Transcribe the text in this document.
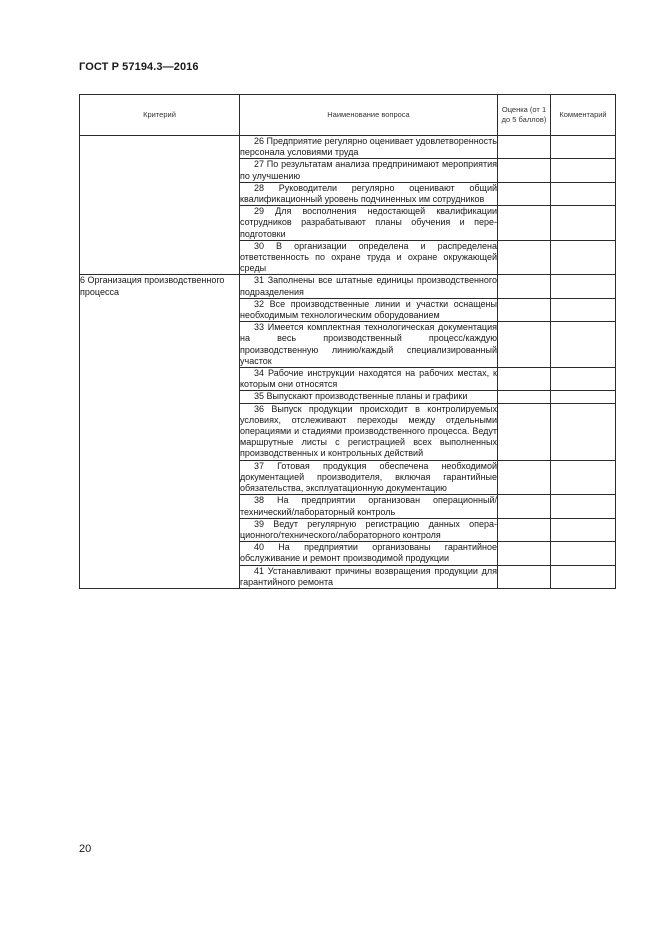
ГОСТ Р 57194.3—2016
Критерий	Наименование вопроса	Оценка (от 1 до 5 баллов)	Комментарий
	26 Предприятие регулярно оценивает удовлетворенность персонала условиями труда		
	27 По результатам анализа предпринимают мероприятия по улучшению		
	28 Руководители регулярно оценивают общий квалификационный уровень подчиненных им сотрудников		
	29 Для восполнения недостающей квалификации сотрудников разрабатывают планы обучения и переподготовки		
	30 В организации определена и распределена ответственность по охране труда и охране окружающей среды		
6 Организация производственного процесса	31 Заполнены все штатные единицы производственного подразделения		
	32 Все производственные линии и участки оснащены необходимым технологическим оборудованием		
	33 Имеется комплектная технологическая документация на весь производственный процесс/каждую производственную линию/каждый специализированный участок		
	34 Рабочие инструкции находятся на рабочих местах, к которым они относятся		
	35 Выпускают производственные планы и графики		
	36 Выпуск продукции происходит в контролируемых условиях, отслеживают переходы между отдельными операциями и стадиями производственного процесса. Ведут маршрутные листы с регистрацией всех выполненных производственных и контрольных действий		
	37 Готовая продукция обеспечена необходимой документацией производителя, включая гарантийные обязательства, эксплуатационную документацию		
	38 На предприятии организован операционный/технический/лабораторный контроль		
	39 Ведут регулярную регистрацию данных операционного/технического/лабораторного контроля		
	40 На предприятии организованы гарантийное обслуживание и ремонт производимой продукции		
	41 Устанавливают причины возвращения продукции для гарантийного ремонта		
20
